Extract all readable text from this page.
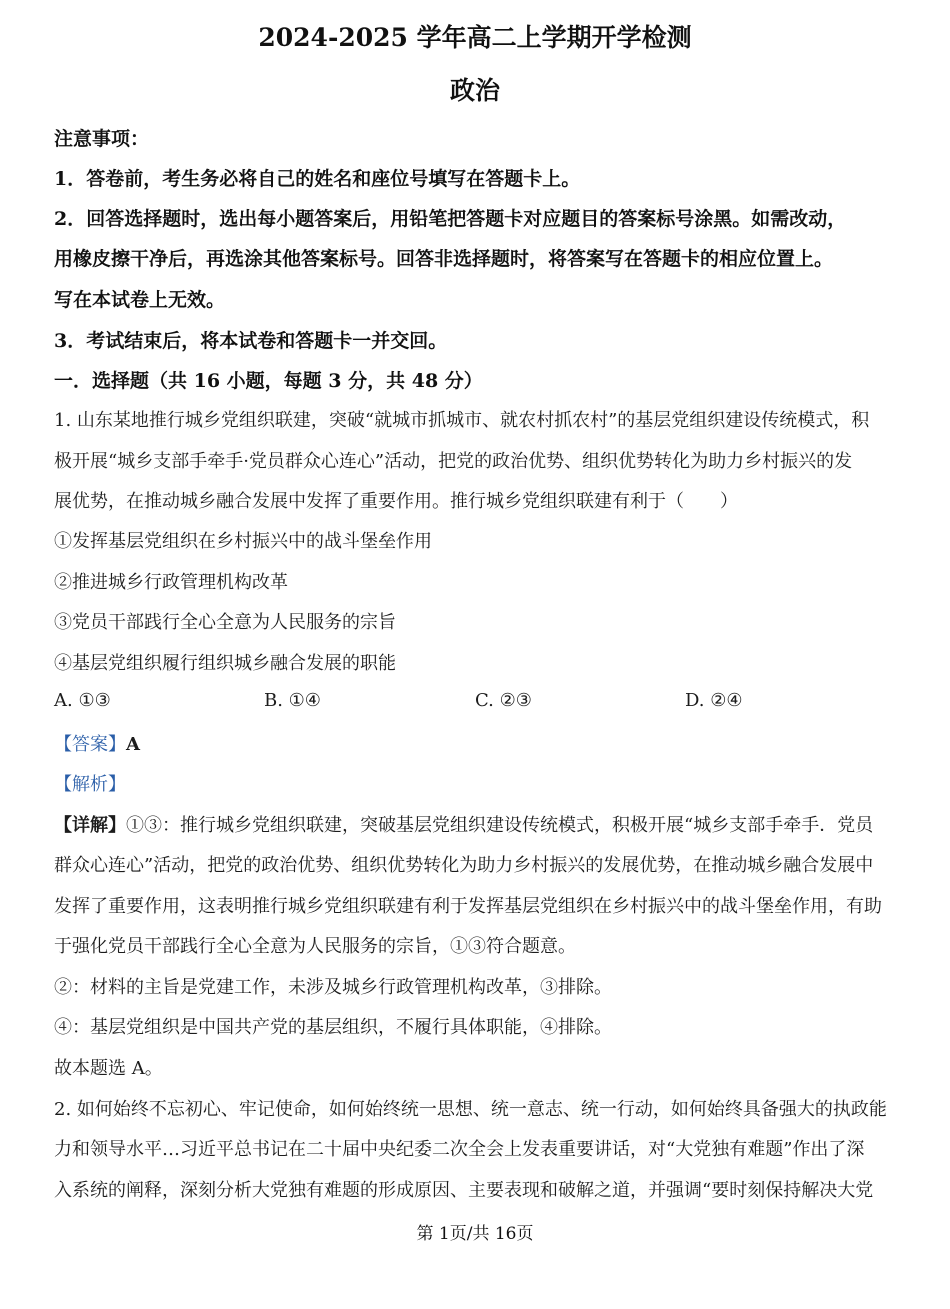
2024-2025 学年高二上学期开学检测
政治
注意事项：
1．答卷前，考生务必将自己的姓名和座位号填写在答题卡上。
2．回答选择题时，选出每小题答案后，用铅笔把答题卡对应题目的答案标号涂黑。如需改动，
用橡皮擦干净后，再选涂其他答案标号。回答非选择题时，将答案写在答题卡的相应位置上。
写在本试卷上无效。
3．考试结束后，将本试卷和答题卡一并交回。
一．选择题（共 16 小题，每题 3 分，共 48 分）
1. 山东某地推行城乡党组织联建，突破“就城市抓城市、就农村抓农村”的基层党组织建设传统模式，积
极开展“城乡支部手牵手·党员群众心连心”活动，把党的政治优势、组织优势转化为助力乡村振兴的发
展优势，在推动城乡融合发展中发挥了重要作用。推行城乡党组织联建有利于（　　）
①发挥基层党组织在乡村振兴中的战斗堡垒作用
②推进城乡行政管理机构改革
③党员干部践行全心全意为人民服务的宗旨
④基层党组织履行组织城乡融合发展的职能
A. ①③	B. ①④	C. ②③	D. ②④
【答案】A
【解析】
【详解】①③：推行城乡党组织联建，突破基层党组织建设传统模式，积极开展“城乡支部手牵手．党员
群众心连心”活动，把党的政治优势、组织优势转化为助力乡村振兴的发展优势，在推动城乡融合发展中
发挥了重要作用，这表明推行城乡党组织联建有利于发挥基层党组织在乡村振兴中的战斗堡垒作用，有助
于强化党员干部践行全心全意为人民服务的宗旨，①③符合题意。
②：材料的主旨是党建工作，未涉及城乡行政管理机构改革，③排除。
④：基层党组织是中国共产党的基层组织，不履行具体职能，④排除。
故本题选 A。
2. 如何始终不忘初心、牢记使命，如何始终统一思想、统一意志、统一行动，如何始终具备强大的执政能
力和领导水平…习近平总书记在二十届中央纪委二次全会上发表重要讲话，对“大党独有难题”作出了深
入系统的阐释，深刻分析大党独有难题的形成原因、主要表现和破解之道，并强调“要时刻保持解决大党
第 1页/共 16页
